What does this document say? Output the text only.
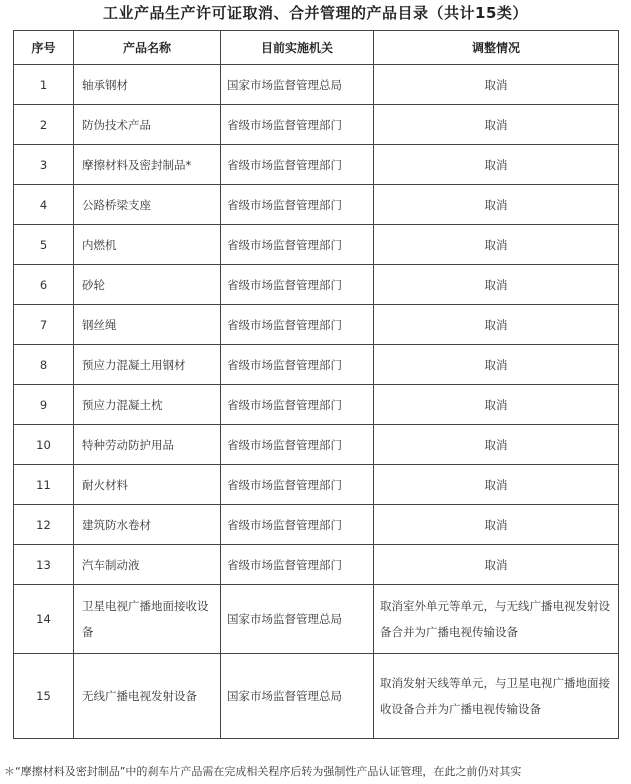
工业产品生产许可证取消、合并管理的产品目录（共计15类）
序号	产品名称	目前实施机关	调整情况
1	轴承钢材	国家市场监督管理总局	取消
2	防伪技术产品	省级市场监督管理部门	取消
3	摩擦材料及密封制品*	省级市场监督管理部门	取消
4	公路桥梁支座	省级市场监督管理部门	取消
5	内燃机	省级市场监督管理部门	取消
6	砂轮	省级市场监督管理部门	取消
7	钢丝绳	省级市场监督管理部门	取消
8	预应力混凝土用钢材	省级市场监督管理部门	取消
9	预应力混凝土枕	省级市场监督管理部门	取消
10	特种劳动防护用品	省级市场监督管理部门	取消
11	耐火材料	省级市场监督管理部门	取消
12	建筑防水卷材	省级市场监督管理部门	取消
13	汽车制动液	省级市场监督管理部门	取消
14	卫星电视广播地面接收设备	国家市场监督管理总局	取消室外单元等单元，与无线广播电视发射设备合并为广播电视传输设备

15	无线广播电视发射设备	国家市场监督管理总局	取消发射天线等单元，与卫星电视广播地面接收设备合并为广播电视传输设备
＊“摩擦材料及密封制品”中的刹车片产品需在完成相关程序后转为强制性产品认证管理，在此之前仍对其实
